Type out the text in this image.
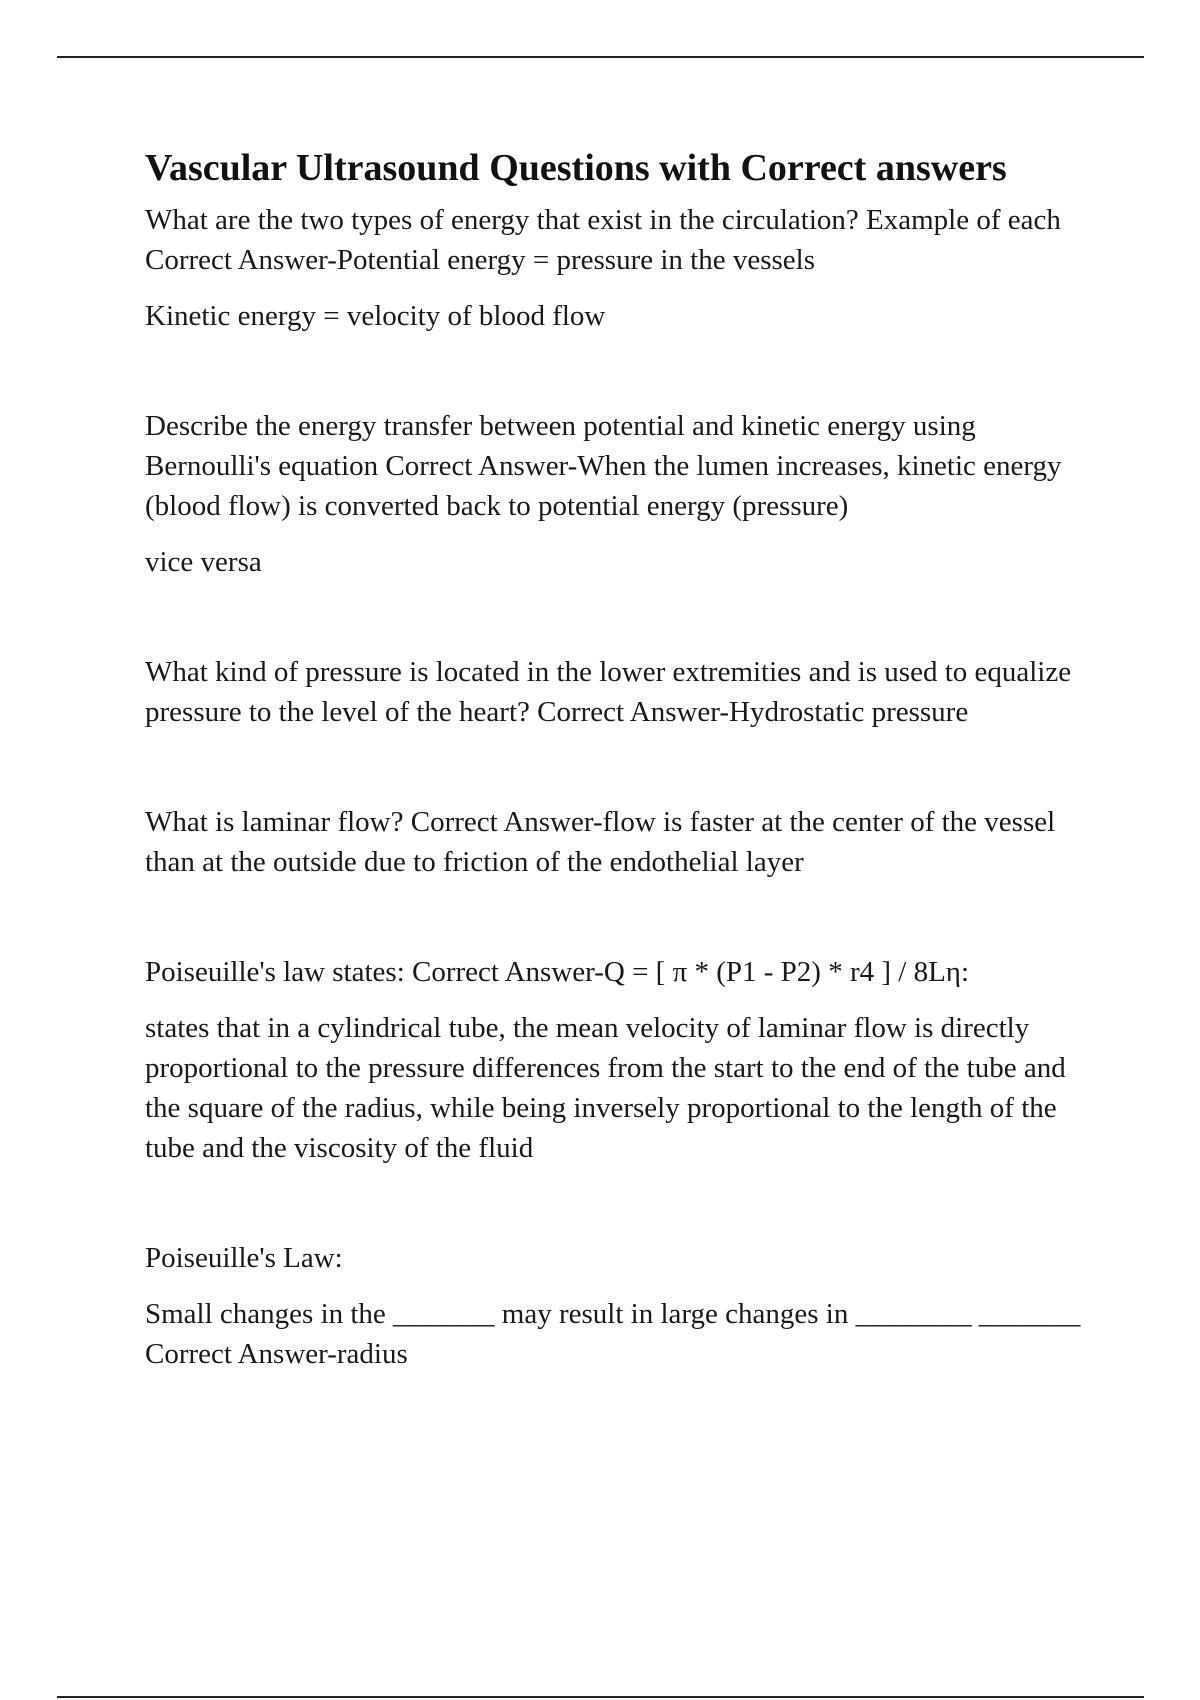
Vascular Ultrasound Questions with Correct answers

What are the two types of energy that exist in the circulation? Example of each Correct Answer-Potential energy = pressure in the vessels

Kinetic energy = velocity of blood flow

Describe the energy transfer between potential and kinetic energy using Bernoulli's equation Correct Answer-When the lumen increases, kinetic energy (blood flow) is converted back to potential energy (pressure)

vice versa

What kind of pressure is located in the lower extremities and is used to equalize pressure to the level of the heart? Correct Answer-Hydrostatic pressure

What is laminar flow? Correct Answer-flow is faster at the center of the vessel than at the outside due to friction of the endothelial layer

Poiseuille's law states: Correct Answer-Q = [ π * (P1 - P2) * r4 ] / 8Lη:

states that in a cylindrical tube, the mean velocity of laminar flow is directly proportional to the pressure differences from the start to the end of the tube and the square of the radius, while being inversely proportional to the length of the tube and the viscosity of the fluid

Poiseuille's Law:

Small changes in the _______ may result in large changes in ________ _______ Correct Answer-radius
